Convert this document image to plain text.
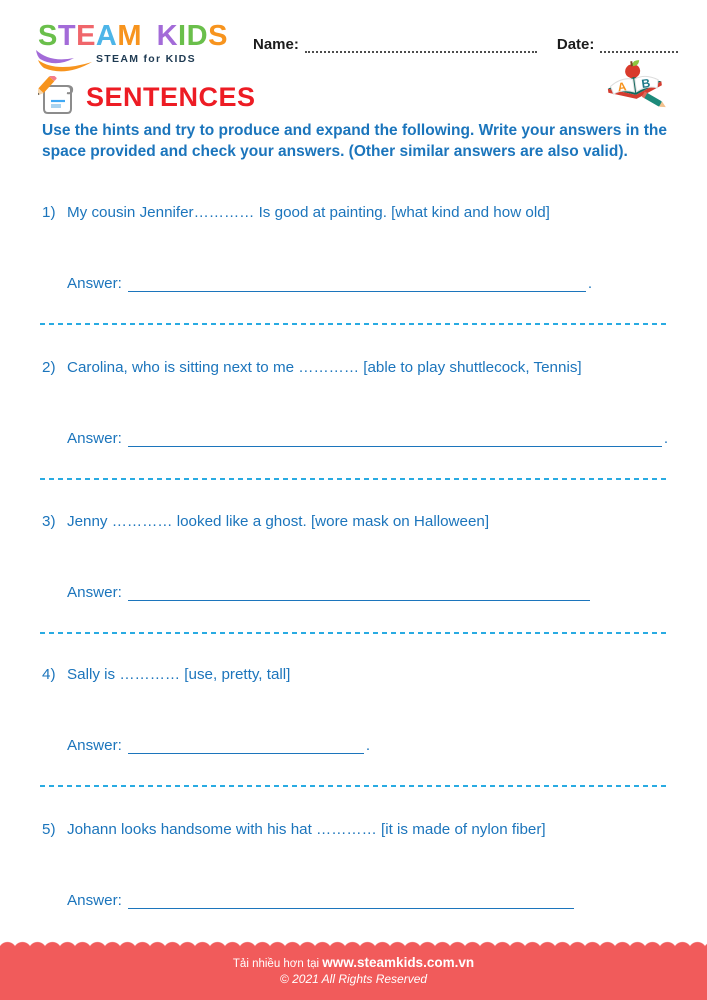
STEAM KIDS
STEAM for KIDS
Name:	Date:
A B
SENTENCES
Use the hints and try to produce and expand the following. Write your answers in the space provided and check your answers. (Other similar answers are also valid).
1) My cousin Jennifer………… Is good at painting. [what kind and how old]
Answer:	.
2) Carolina, who is sitting next to me ………… [able to play shuttlecock, Tennis]
Answer:	.
3) Jenny ………… looked like a ghost. [wore mask on Halloween]
Answer:
4) Sally is ………… [use, pretty, tall]
Answer:	.
5) Johann looks handsome with his hat ………… [it is made of nylon fiber]
Answer:
Tải nhiều hơn tại www.steamkids.com.vn
© 2021 All Rights Reserved
